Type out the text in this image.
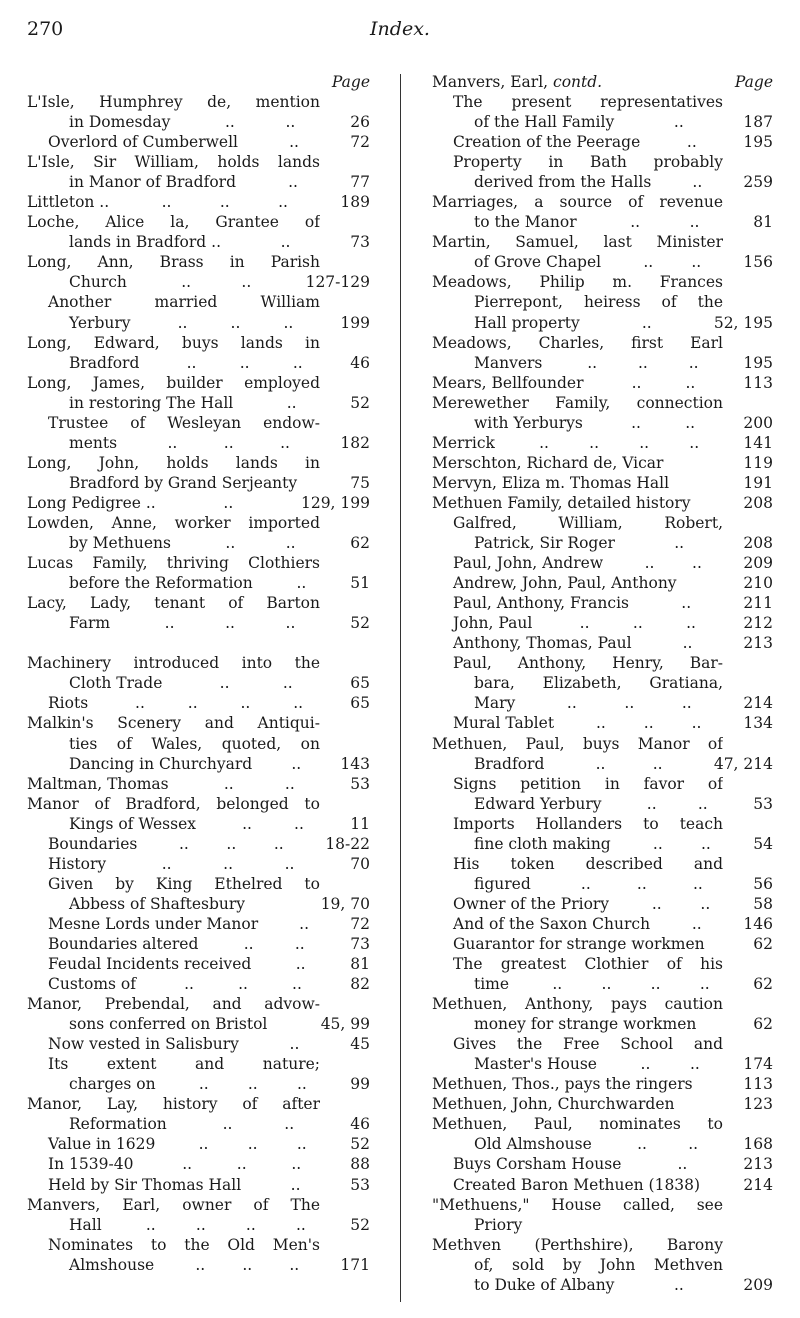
270	Index.
Page
L'Isle, Humphrey de, mention
in Domesday	..	..	26
Overlord of Cumberwell	..	72
L'Isle, Sir William, holds lands
in Manor of Bradford	..	77
Littleton ..	..	..	..	189
Loche, Alice la, Grantee of
lands in Bradford ..	..	73
Long, Ann, Brass in Parish
Church	..	..	127-129
Another married William
Yerbury	..	..	..	199
Long, Edward, buys lands in
Bradford	..	..	..	46
Long, James, builder employed
in restoring The Hall	..	52
Trustee of Wesleyan endow-
ments	..	..	..	182
Long, John, holds lands in
Bradford by Grand Serjeanty	75
Long Pedigree ..	..	129, 199
Lowden, Anne, worker imported
by Methuens	..	..	62
Lucas Family, thriving Clothiers
before the Reformation	..	51
Lacy, Lady, tenant of Barton
Farm	..	..	..	52
Machinery introduced into the
Cloth Trade	..	..	65
Riots	..	..	..	..	65
Malkin's Scenery and Antiqui-
ties of Wales, quoted, on
Dancing in Churchyard	..	143
Maltman, Thomas	..	..	53
Manor of Bradford, belonged to
Kings of Wessex	..	..	11
Boundaries	.. .. ..	18-22
History	..	..	..	70
Given by King Ethelred to
Abbess of Shaftesbury	19, 70
Mesne Lords under Manor	..	72
Boundaries altered	..	..	73
Feudal Incidents received	..	81
Customs of	..	..	..	82
Manor, Prebendal, and advow-
sons conferred on Bristol	45, 99
Now vested in Salisbury	..	45
Its extent and nature;
charges on	..	..	..	99
Manor, Lay, history of after
Reformation	..	..	46
Value in 1629	..	..	..	52
In 1539-40	..	..	..	88
Held by Sir Thomas Hall	..	53
Manvers, Earl, owner of The
Hall	..	..	..	..	52
Nominates to the Old Men's
Almshouse	.. .. ..	171
Manvers, Earl,
contd.	Page
The present representatives
of the Hall Family	..	187
Creation of the Peerage	..	195
Property in Bath probably
derived from the Halls	..	259
Marriages, a source of revenue
to the Manor	..	..	81
Martin, Samuel, last Minister
of Grove Chapel	.. ..	156
Meadows, Philip m. Frances
Pierrepont, heiress of the
Hall property	..	52, 195
Meadows, Charles, first Earl
Manvers	..	..	..	195
Mears, Bellfounder	..	..	113
Merewether Family, connection
with Yerburys	..	..	200
Merrick	..	..	..	..	141
Merschton, Richard de, Vicar	119
Mervyn, Eliza m. Thomas Hall	191
Methuen Family, detailed history	208
Galfred, William, Robert,
Patrick, Sir Roger	..	208
Paul, John, Andrew	.. ..	209
Andrew, John, Paul, Anthony	210
Paul, Anthony, Francis	..	211
John, Paul	..	..	..	212
Anthony, Thomas, Paul	..	213
Paul, Anthony, Henry, Bar-
bara, Elizabeth, Gratiana,
Mary	..	..	..	214
Mural Tablet	.. .. ..	134
Methuen, Paul, buys Manor of
Bradford	..	..	47, 214
Signs petition in favor of
Edward Yerbury	..	..	53
Imports Hollanders to teach
fine cloth making	.. ..	54
His token described and
figured	..	..	..	56
Owner of the Priory	.. ..	58
And of the Saxon Church	..	146
Guarantor for strange workmen	62
The greatest Clothier of his
time	..	..	..	..	62
Methuen, Anthony, pays caution
money for strange workmen	62
Gives the Free School and
Master's House	..	..	174
Methuen, Thos., pays the ringers	113
Methuen, John, Churchwarden	123
Methuen, Paul, nominates to
Old Almshouse	..	..	168
Buys Corsham House	..	213
Created Baron Methuen (1838)	214
"Methuens," House called, see
Priory
Methven (Perthshire), Barony
of, sold by John Methven
to Duke of Albany	..	209
